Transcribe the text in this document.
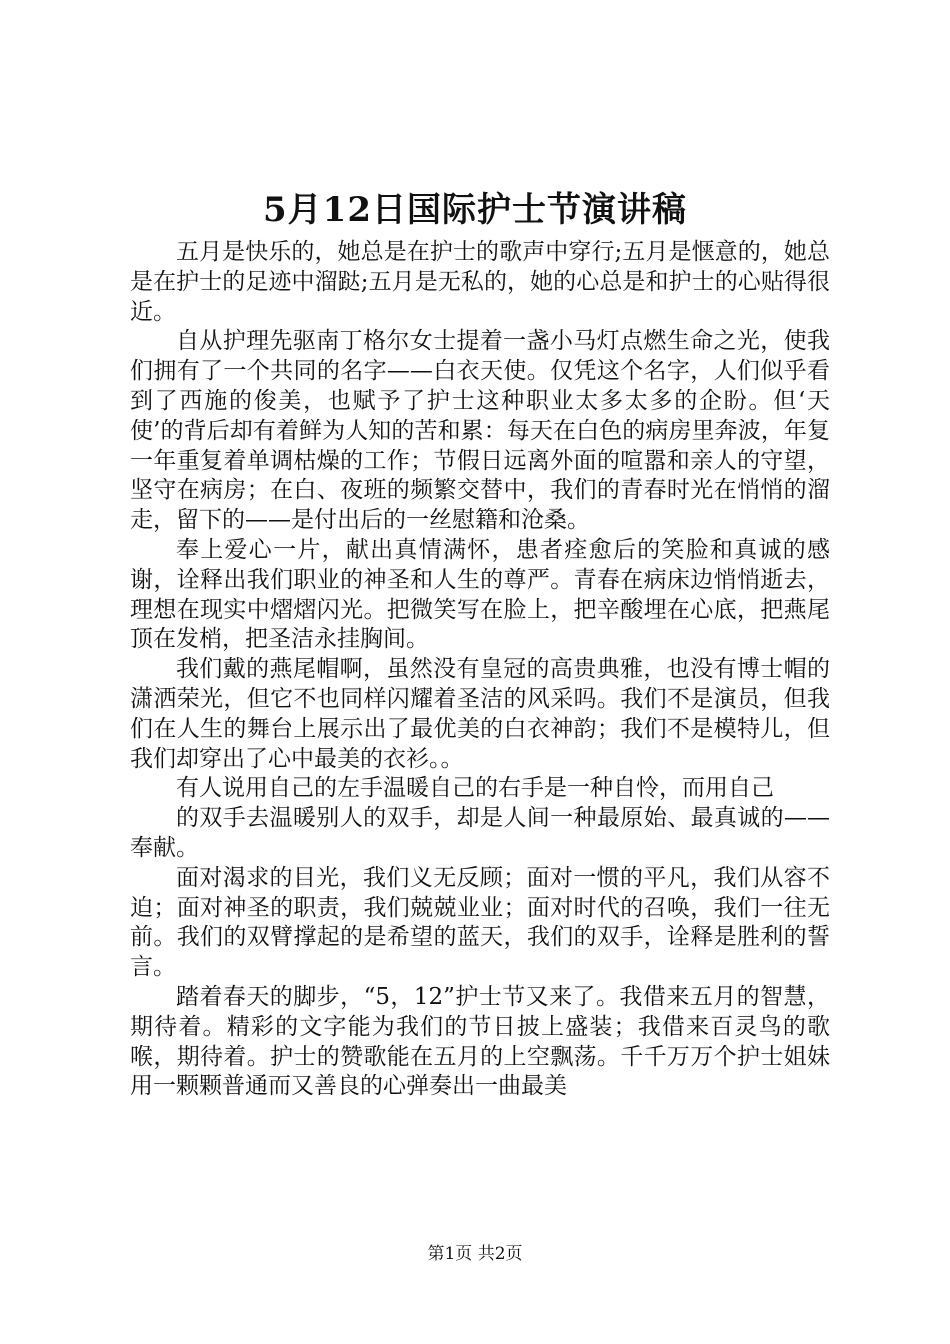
5月12日国际护士节演讲稿

五月是快乐的，她总是在护士的歌声中穿行;五月是惬意的，她总是在护士的足迹中溜跶;五月是无私的，她的心总是和护士的心贴得很近。

自从护理先驱南丁格尔女士提着一盏小马灯点燃生命之光，使我们拥有了一个共同的名字——白衣天使。仅凭这个名字，人们似乎看到了西施的俊美，也赋予了护士这种职业太多太多的企盼。但‘天使’的背后却有着鲜为人知的苦和累：每天在白色的病房里奔波，年复一年重复着单调枯燥的工作；节假日远离外面的喧嚣和亲人的守望，坚守在病房；在白、夜班的频繁交替中，我们的青春时光在悄悄的溜走，留下的——是付出后的一丝慰籍和沧桑。

奉上爱心一片，献出真情满怀，患者痊愈后的笑脸和真诚的感谢，诠释出我们职业的神圣和人生的尊严。青春在病床边悄悄逝去，理想在现实中熠熠闪光。把微笑写在脸上，把辛酸埋在心底，把燕尾顶在发梢，把圣洁永挂胸间。

我们戴的燕尾帽啊，虽然没有皇冠的高贵典雅，也没有博士帽的潇洒荣光，但它不也同样闪耀着圣洁的风采吗。我们不是演员，但我们在人生的舞台上展示出了最优美的白衣神韵；我们不是模特儿，但我们却穿出了心中最美的衣衫。。

有人说用自己的左手温暖自己的右手是一种自怜，而用自己

的双手去温暖别人的双手，却是人间一种最原始、最真诚的——奉献。

面对渴求的目光，我们义无反顾；面对一惯的平凡，我们从容不迫；面对神圣的职责，我们兢兢业业；面对时代的召唤，我们一往无前。我们的双臂撑起的是希望的蓝天，我们的双手，诠释是胜利的誓言。

踏着春天的脚步，“5，12”护士节又来了。我借来五月的智慧，期待着。精彩的文字能为我们的节日披上盛装；我借来百灵鸟的歌喉，期待着。护士的赞歌能在五月的上空飘荡。千千万万个护士姐妹用一颗颗普通而又善良的心弹奏出一曲最美

第1页 共2页
